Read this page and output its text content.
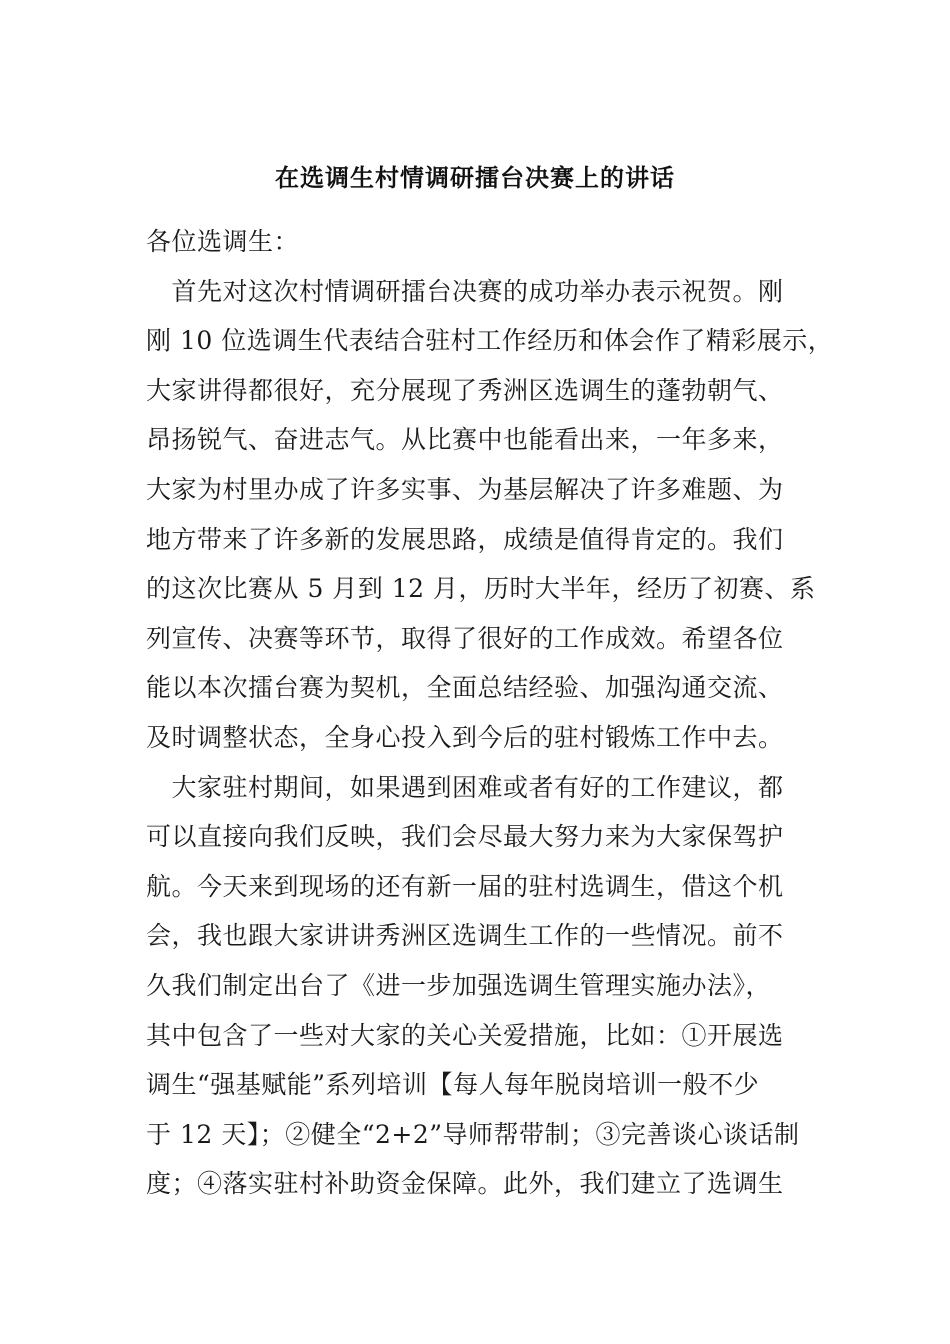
在选调生村情调研擂台决赛上的讲话
各位选调生：
　首先对这次村情调研擂台决赛的成功举办表示祝贺。刚
刚 10 位选调生代表结合驻村工作经历和体会作了精彩展示，
大家讲得都很好，充分展现了秀洲区选调生的蓬勃朝气、
昂扬锐气、奋进志气。从比赛中也能看出来，一年多来，
大家为村里办成了许多实事、为基层解决了许多难题、为
地方带来了许多新的发展思路，成绩是值得肯定的。我们
的这次比赛从 5 月到 12 月，历时大半年，经历了初赛、系
列宣传、决赛等环节，取得了很好的工作成效。希望各位
能以本次擂台赛为契机，全面总结经验、加强沟通交流、
及时调整状态，全身心投入到今后的驻村锻炼工作中去。
　大家驻村期间，如果遇到困难或者有好的工作建议，都
可以直接向我们反映，我们会尽最大努力来为大家保驾护
航。今天来到现场的还有新一届的驻村选调生，借这个机
会，我也跟大家讲讲秀洲区选调生工作的一些情况。前不
久我们制定出台了《进一步加强选调生管理实施办法》，
其中包含了一些对大家的关心关爱措施，比如：①开展选
调生“强基赋能”系列培训【每人每年脱岗培训一般不少
于 12 天】；②健全“2+2”导师帮带制；③完善谈心谈话制
度；④落实驻村补助资金保障。此外，我们建立了选调生
